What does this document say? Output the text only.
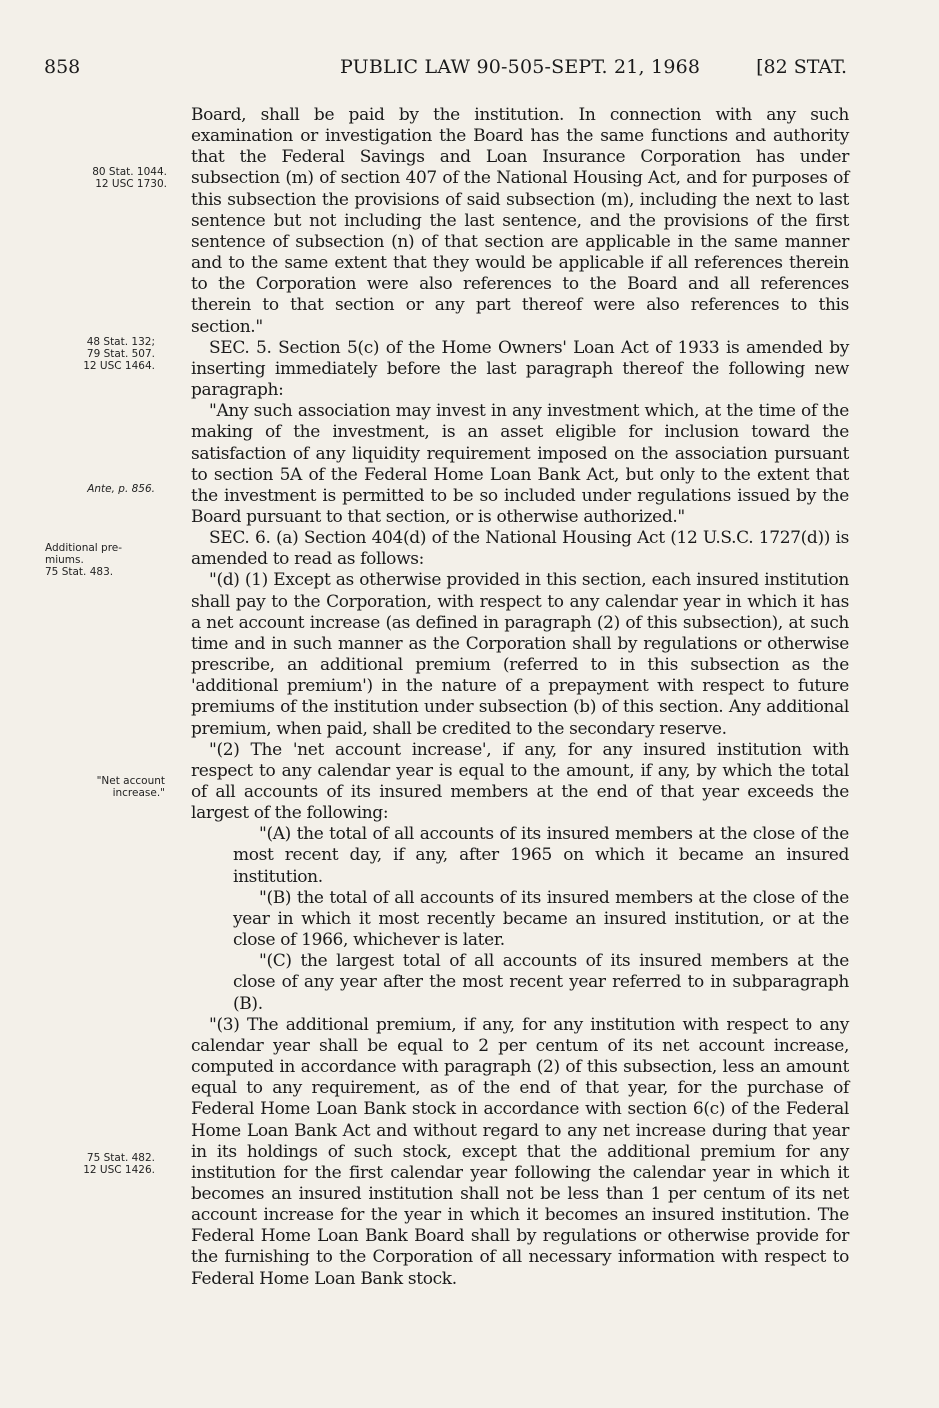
858	PUBLIC LAW 90-505-SEPT. 21, 1968	[82 STAT.
80 Stat. 1044.
12 USC 1730.
48 Stat. 132;
79 Stat. 507.
12 USC 1464.
Ante, p. 856.
Additional pre-
miums.
75 Stat. 483.
"Net account
increase."
75 Stat. 482.
12 USC 1426.

Board, shall be paid by the institution. In connection with any such examination or investigation the Board has the same functions and authority that the Federal Savings and Loan Insurance Corporation has under subsection (m) of section 407 of the National Housing Act, and for purposes of this subsection the provisions of said subsection (m), including the next to last sentence but not including the last sentence, and the provisions of the first sentence of subsection (n) of that section are applicable in the same manner and to the same extent that they would be applicable if all references therein to the Corporation were also references to the Board and all references therein to that section or any part thereof were also references to this section."

SEC. 5. Section 5(c) of the Home Owners' Loan Act of 1933 is amended by inserting immediately before the last paragraph thereof the following new paragraph:

"Any such association may invest in any investment which, at the time of the making of the investment, is an asset eligible for inclusion toward the satisfaction of any liquidity requirement imposed on the association pursuant to section 5A of the Federal Home Loan Bank Act, but only to the extent that the investment is permitted to be so included under regulations issued by the Board pursuant to that section, or is otherwise authorized."

SEC. 6. (a) Section 404(d) of the National Housing Act (12 U.S.C. 1727(d)) is amended to read as follows:

"(d) (1) Except as otherwise provided in this section, each insured institution shall pay to the Corporation, with respect to any calendar year in which it has a net account increase (as defined in paragraph (2) of this subsection), at such time and in such manner as the Corporation shall by regulations or otherwise prescribe, an additional premium (referred to in this subsection as the 'additional premium') in the nature of a prepayment with respect to future premiums of the institution under subsection (b) of this section. Any additional premium, when paid, shall be credited to the secondary reserve.

"(2) The 'net account increase', if any, for any insured institution with respect to any calendar year is equal to the amount, if any, by which the total of all accounts of its insured members at the end of that year exceeds the largest of the following:

"(A) the total of all accounts of its insured members at the close of the most recent day, if any, after 1965 on which it became an insured institution.

"(B) the total of all accounts of its insured members at the close of the year in which it most recently became an insured institution, or at the close of 1966, whichever is later.

"(C) the largest total of all accounts of its insured members at the close of any year after the most recent year referred to in subparagraph (B).

"(3) The additional premium, if any, for any institution with respect to any calendar year shall be equal to 2 per centum of its net account increase, computed in accordance with paragraph (2) of this subsection, less an amount equal to any requirement, as of the end of that year, for the purchase of Federal Home Loan Bank stock in accordance with section 6(c) of the Federal Home Loan Bank Act and without regard to any net increase during that year in its holdings of such stock, except that the additional premium for any institution for the first calendar year following the calendar year in which it becomes an insured institution shall not be less than 1 per centum of its net account increase for the year in which it becomes an insured institution. The Federal Home Loan Bank Board shall by regulations or otherwise provide for the furnishing to the Corporation of all necessary information with respect to Federal Home Loan Bank stock.
